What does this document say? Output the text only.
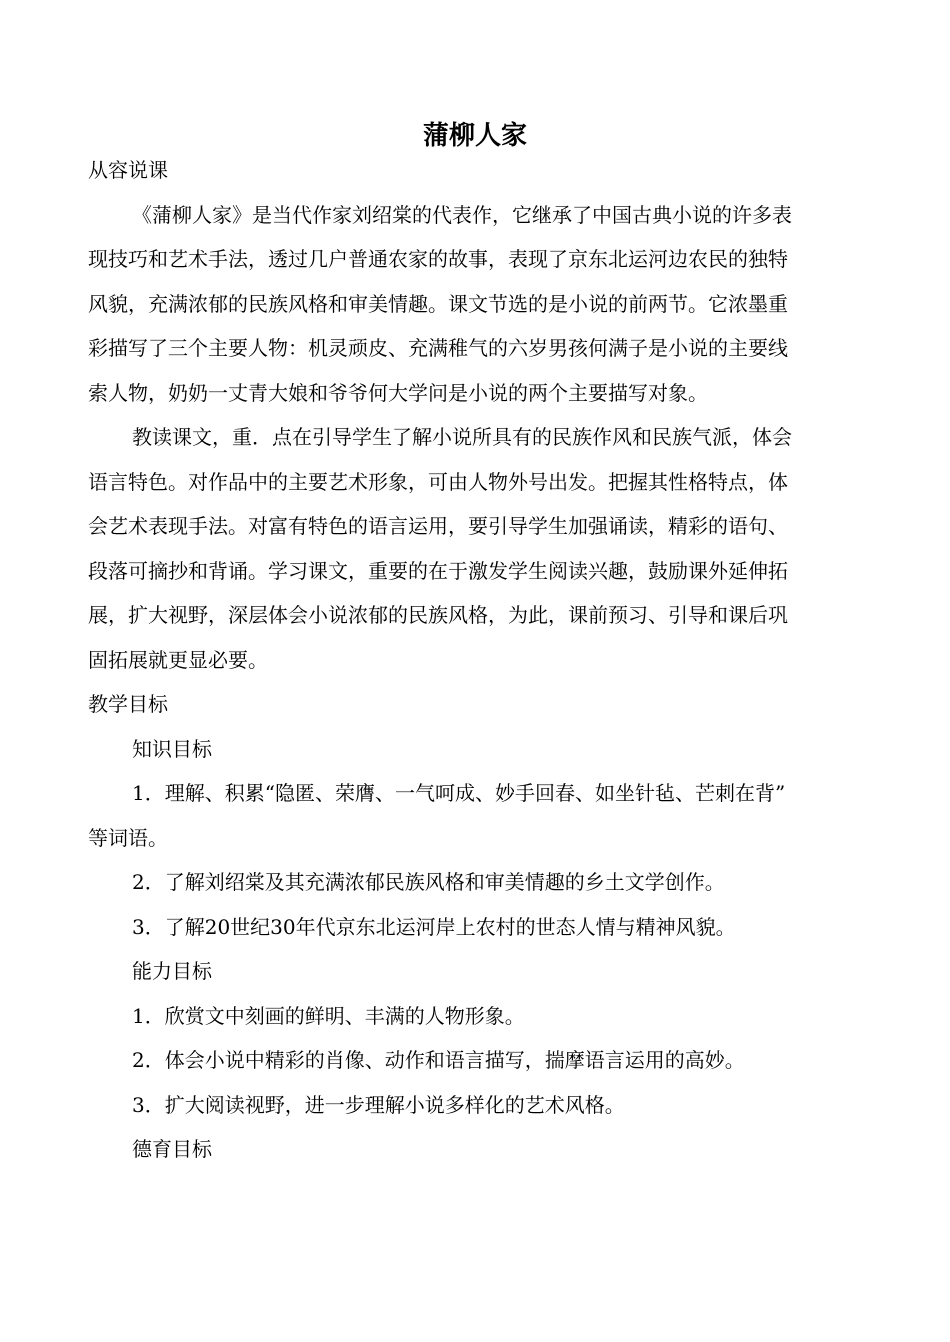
蒲柳人家
从容说课
《蒲柳人家》是当代作家刘绍棠的代表作，它继承了中国古典小说的许多表
现技巧和艺术手法，透过几户普通农家的故事，表现了京东北运河边农民的独特
风貌，充满浓郁的民族风格和审美情趣。课文节选的是小说的前两节。它浓墨重
彩描写了三个主要人物：机灵顽皮、充满稚气的六岁男孩何满子是小说的主要线
索人物，奶奶一丈青大娘和爷爷何大学问是小说的两个主要描写对象。
教读课文，重．点在引导学生了解小说所具有的民族作风和民族气派，体会
语言特色。对作品中的主要艺术形象，可由人物外号出发。把握其性格特点，体
会艺术表现手法。对富有特色的语言运用，要引导学生加强诵读，精彩的语句、
段落可摘抄和背诵。学习课文，重要的在于激发学生阅读兴趣，鼓励课外延伸拓
展，扩大视野，深层体会小说浓郁的民族风格，为此，课前预习、引导和课后巩
固拓展就更显必要。
教学目标
知识目标
1．理解、积累“隐匿、荣膺、一气呵成、妙手回春、如坐针毡、芒刺在背”
等词语。
2．了解刘绍棠及其充满浓郁民族风格和审美情趣的乡土文学创作。
3．了解20世纪30年代京东北运河岸上农村的世态人情与精神风貌。
能力目标
1．欣赏文中刻画的鲜明、丰满的人物形象。
2．体会小说中精彩的肖像、动作和语言描写，揣摩语言运用的高妙。
3．扩大阅读视野，进一步理解小说多样化的艺术风格。
德育目标
